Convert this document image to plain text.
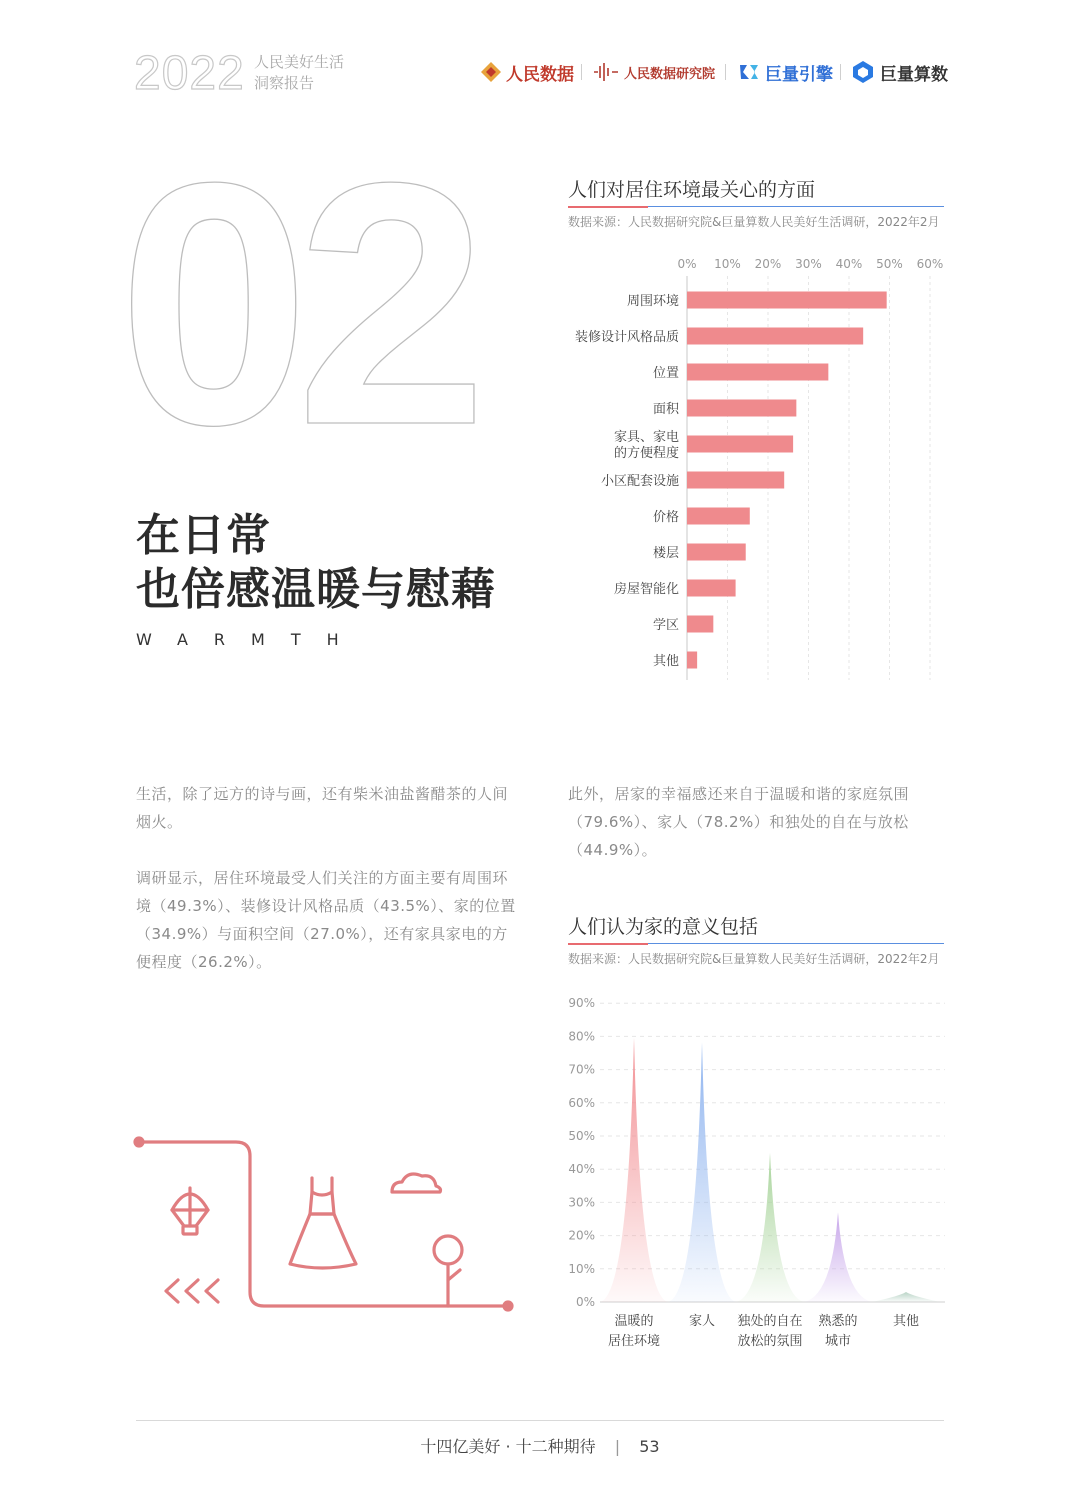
2022 人民美好生活
洞察报告	人民数据	人民数据研究院	巨量引擎	巨量算数
02
在日常
也倍感温暖与慰藉
WARMTH
人们对居住环境最关心的方面
数据来源：人民数据研究院&巨量算数人民美好生活调研，2022年2月
0% 10% 20% 30% 40% 50% 60%
周围环境
装修设计风格品质
位置
面积
家具、家电
的方便程度
小区配套设施
价格
楼层
房屋智能化
学区
其他
生活，除了远方的诗与画，还有柴米油盐酱醋茶的人间烟火。
调研显示，居住环境最受人们关注的方面主要有周围环境（49.3%）、装修设计风格品质（43.5%）、家的位置（34.9%）与面积空间（27.0%），还有家具家电的方便程度（26.2%）。
此外，居家的幸福感还来自于温暖和谐的家庭氛围（79.6%）、家人（78.2%）和独处的自在与放松（44.9%）。
人们认为家的意义包括
数据来源：人民数据研究院&巨量算数人民美好生活调研，2022年2月
0%
10%
20%
30%
40%
50%
60%
70%
80%
90%
温暖的
居住环境
家人 独处的自在
放松的氛围
熟悉的
城市
其他
十四亿美好 · 十二种期待 | 53
